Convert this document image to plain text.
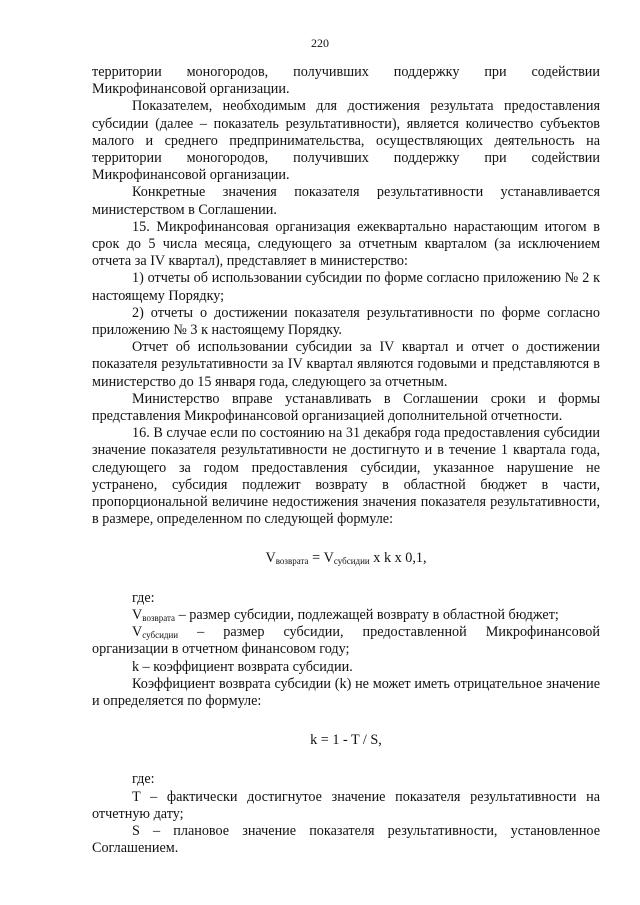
220

территории моногородов, получивших поддержку при содействии Микрофинансовой организации.

Показателем, необходимым для достижения результата предоставления субсидии (далее – показатель результативности), является количество субъектов малого и среднего предпринимательства, осуществляющих деятельность на территории моногородов, получивших поддержку при содействии Микрофинансовой организации.

Конкретные значения показателя результативности устанавливается министерством в Соглашении.

15. Микрофинансовая организация ежеквартально нарастающим итогом в срок до 5 числа месяца, следующего за отчетным кварталом (за исключением отчета за IV квартал), представляет в министерство:

1) отчеты об использовании субсидии по форме согласно приложению № 2 к настоящему Порядку;

2) отчеты о достижении показателя результативности по форме согласно приложению № 3 к настоящему Порядку.

Отчет об использовании субсидии за IV квартал и отчет о достижении показателя результативности за IV квартал являются годовыми и представляются в министерство до 15 января года, следующего за отчетным.

Министерство вправе устанавливать в Соглашении сроки и формы представления Микрофинансовой организацией дополнительной отчетности.

16. В случае если по состоянию на 31 декабря года предоставления субсидии значение показателя результативности не достигнуто и в течение 1 квартала года, следующего за годом предоставления субсидии, указанное нарушение не устранено, субсидия подлежит возврату в областной бюджет в части, пропорциональной величине недостижения значения показателя результативности, в размере, определенном по следующей формуле:

$V_{возврата} = V_{субсидии}$ x k x 0,1,

где:

$V_{возврата}$ – размер субсидии, подлежащей возврату в областной бюджет;

$V_{субсидии}$ – размер субсидии, предоставленной Микрофинансовой организации в отчетном финансовом году;

k – коэффициент возврата субсидии.

Коэффициент возврата субсидии (k) не может иметь отрицательное значение и определяется по формуле:

k = 1 - T / S,

где:

T – фактически достигнутое значение показателя результативности на отчетную дату;

S – плановое значение показателя результативности, установленное Соглашением.
